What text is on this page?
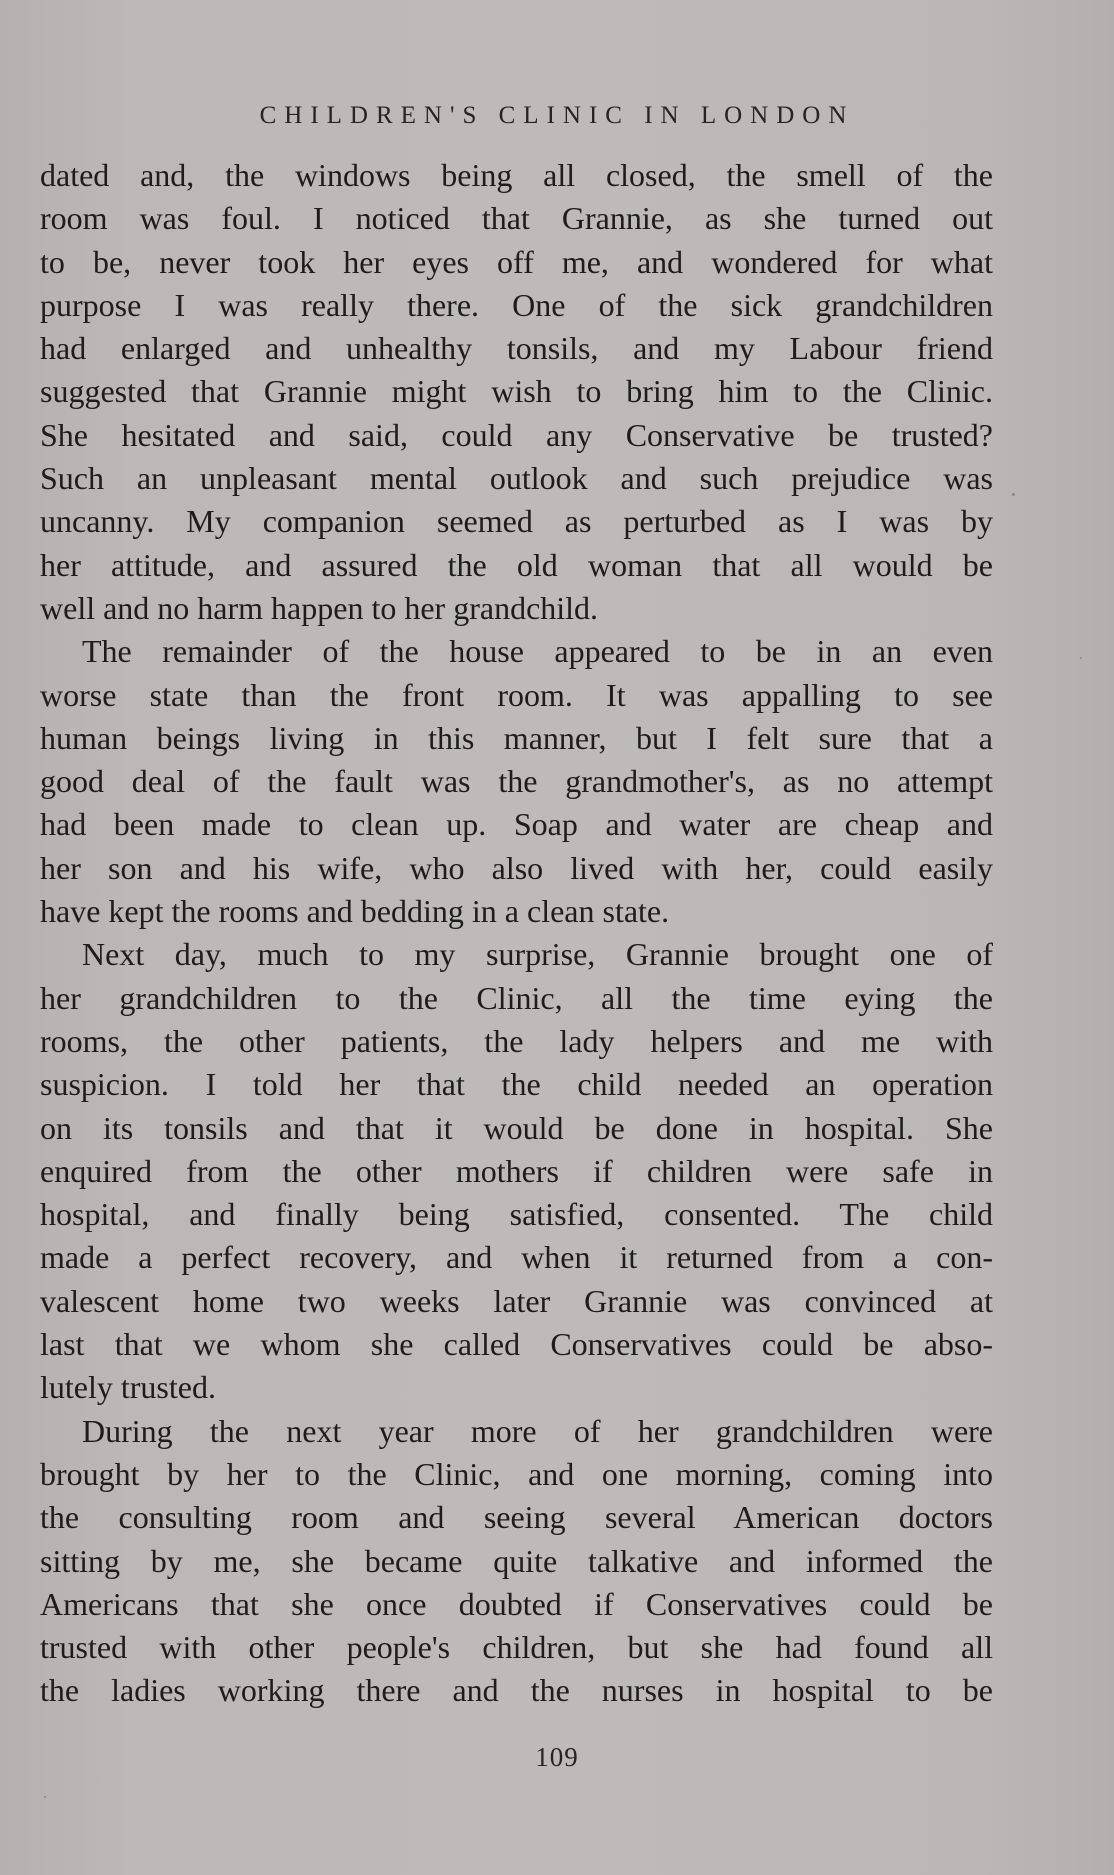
CHILDREN'S CLINIC IN LONDON
dated and, the windows being all closed, the smell of the
room was foul. I noticed that Grannie, as she turned out
to be, never took her eyes off me, and wondered for what
purpose I was really there. One of the sick grandchildren
had enlarged and unhealthy tonsils, and my Labour friend
suggested that Grannie might wish to bring him to the Clinic.
She hesitated and said, could any Conservative be trusted?
Such an unpleasant mental outlook and such prejudice was
uncanny. My companion seemed as perturbed as I was by
her attitude, and assured the old woman that all would be
well and no harm happen to her grandchild.
The remainder of the house appeared to be in an even
worse state than the front room. It was appalling to see
human beings living in this manner, but I felt sure that a
good deal of the fault was the grandmother's, as no attempt
had been made to clean up. Soap and water are cheap and
her son and his wife, who also lived with her, could easily
have kept the rooms and bedding in a clean state.
Next day, much to my surprise, Grannie brought one of
her grandchildren to the Clinic, all the time eying the
rooms, the other patients, the lady helpers and me with
suspicion. I told her that the child needed an operation
on its tonsils and that it would be done in hospital. She
enquired from the other mothers if children were safe in
hospital, and finally being satisfied, consented. The child
made a perfect recovery, and when it returned from a con-
valescent home two weeks later Grannie was convinced at
last that we whom she called Conservatives could be abso-
lutely trusted.
During the next year more of her grandchildren were
brought by her to the Clinic, and one morning, coming into
the consulting room and seeing several American doctors
sitting by me, she became quite talkative and informed the
Americans that she once doubted if Conservatives could be
trusted with other people's children, but she had found all
the ladies working there and the nurses in hospital to be
109
